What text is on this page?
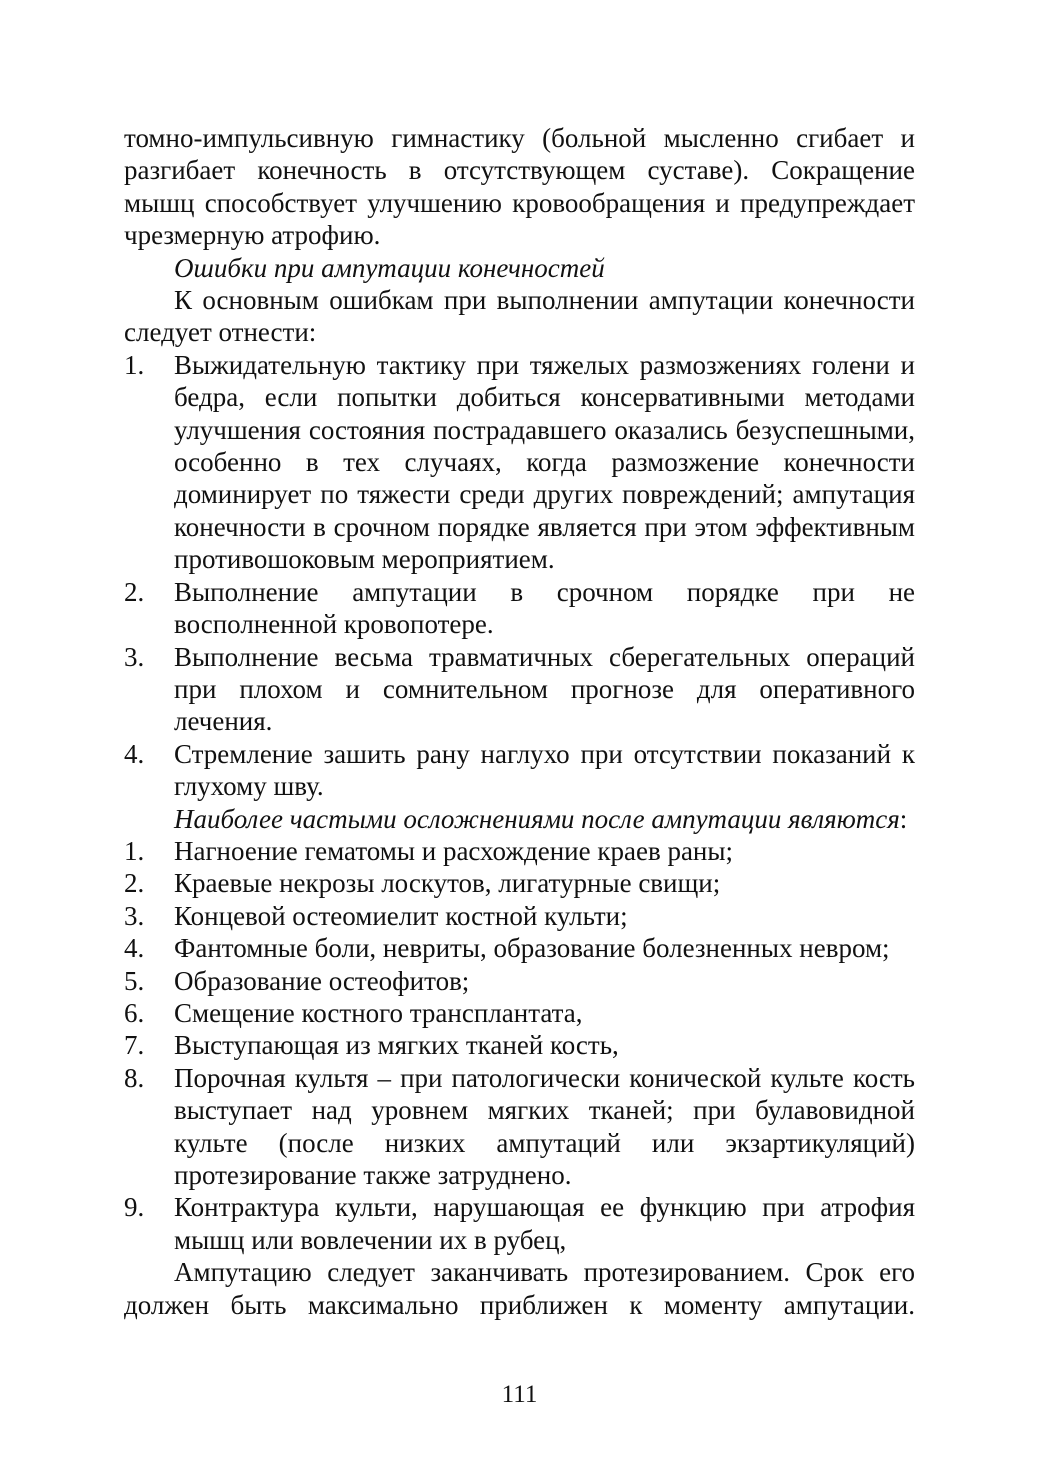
томно-импульсивную гимнастику (больной мысленно сгибает и разгибает конечность в отсутствующем суставе). Сокращение мышц способствует улучшению кровообращения и предупреждает чрезмерную атрофию.

Ошибки при ампутации конечностей

К основным ошибкам при выполнении ампутации конечности следует отнести:

1.	Выжидательную тактику при тяжелых размозжениях голени и бедра, если попытки добиться консервативными методами улучшения состояния пострадавшего оказались безуспешными, особенно в тех случаях, когда размозжение конечности доминирует по тяжести среди других повреждений; ампутация конечности в срочном порядке является при этом эффективным противошоковым мероприятием.
2.	Выполнение ампутации в срочном порядке при не восполненной кровопотере.
3.	Выполнение весьма травматичных сберегательных операций при плохом и сомнительном прогнозе для оперативного лечения.
4.	Стремление зашить рану наглухо при отсутствии показаний к глухому шву.

Наиболее частыми осложнениями после ампутации являются:

1.	Нагноение гематомы и расхождение краев раны;
2.	Краевые некрозы лоскутов, лигатурные свищи;
3.	Концевой остеомиелит костной культи;
4.	Фантомные боли, невриты, образование болезненных невром;
5.	Образование остеофитов;
6.	Смещение костного трансплантата,
7.	Выступающая из мягких тканей кость,
8.	Порочная культя – при патологически конической культе кость выступает над уровнем мягких тканей; при булавовидной культе (после низких ампутаций или экзартикуляций) протезирование также затруднено.
9.	Контрактура культи, нарушающая ее функцию при атрофия мышц или вовлечении их в рубец,

Ампутацию следует заканчивать протезированием. Срок его должен быть максимально приближен к моменту ампутации.

111
